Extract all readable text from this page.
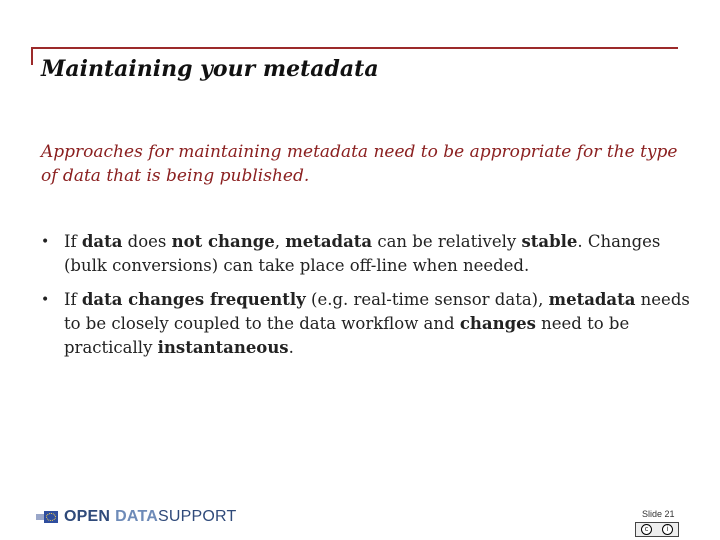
Maintaining your metadata

Approaches for maintaining metadata need to be appropriate for the type of data that is being published.

• If data does not change, metadata can be relatively stable. Changes (bulk conversions) can take place off-line when needed.
• If data changes frequently (e.g. real-time sensor data), metadata needs to be closely coupled to the data workflow and changes need to be practically instantaneous.
OPEN DATA SUPPORT	Slide 21
c	i
